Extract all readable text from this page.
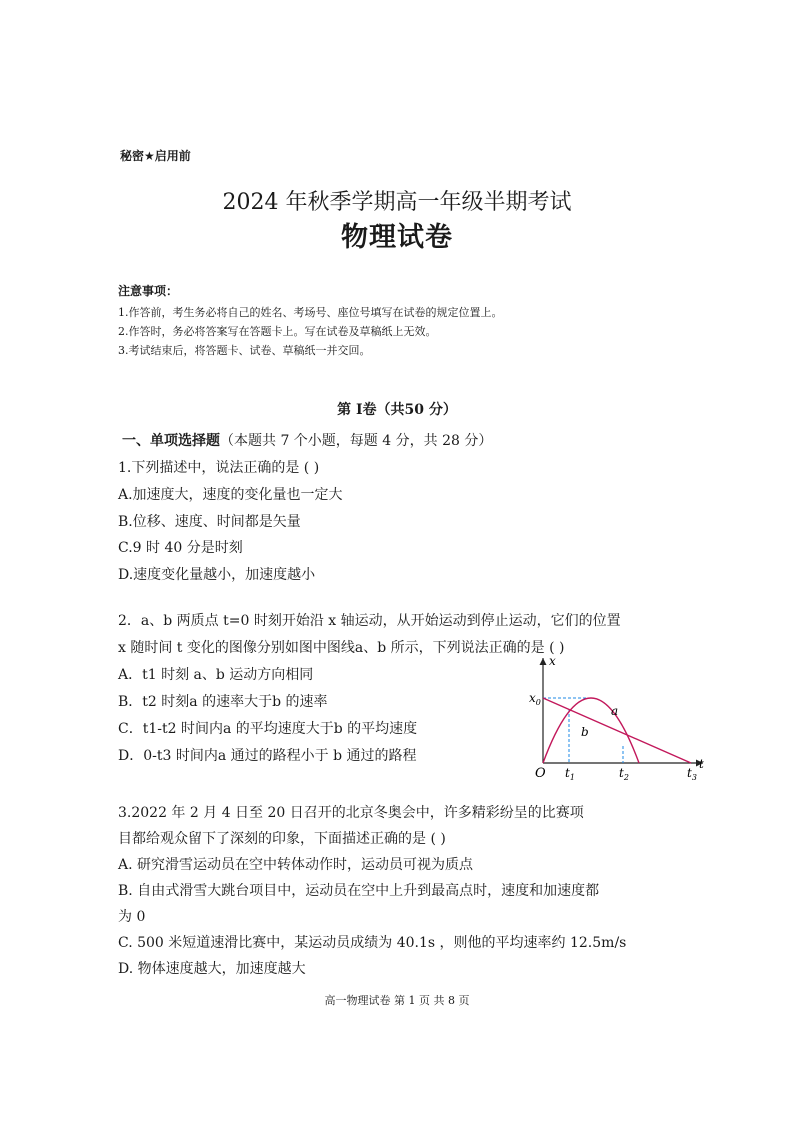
秘密★启用前
2024 年秋季学期高一年级半期考试
物理试卷
注意事项：
1.作答前，考生务必将自己的姓名、考场号、座位号填写在试卷的规定位置上。
2.作答时，务必将答案写在答题卡上。写在试卷及草稿纸上无效。
3.考试结束后，将答题卡、试卷、草稿纸一并交回。
第 Ⅰ卷（共50 分）
一、单项选择题（本题共 7 个小题，每题 4 分，共 28 分）
1.下列描述中，说法正确的是 ( )
A.加速度大，速度的变化量也一定大
B.位移、速度、时间都是矢量
C.9 时 40 分是时刻
D.速度变化量越小，加速度越小
2．a、b 两质点 t=0 时刻开始沿 x 轴运动，从开始运动到停止运动，它们的位置
x 随时间 t 变化的图像分别如图中图线a、b 所示，下列说法正确的是 ( )
A．t1 时刻 a、b 运动方向相同
B．t2 时刻a 的速率大于b 的速率
C．t1-t2 时间内a 的平均速度大于b 的平均速度
D．0-t3 时间内a 通过的路程小于 b 通过的路程
x
t
$x_0$
O
a
b
$t_1$	$t_2$	$t_3$
3.2022 年 2 月 4 日至 20 日召开的北京冬奥会中，许多精彩纷呈的比赛项
目都给观众留下了深刻的印象，下面描述正确的是 ( )
A. 研究滑雪运动员在空中转体动作时，运动员可视为质点
B. 自由式滑雪大跳台项目中，运动员在空中上升到最高点时，速度和加速度都
为 0
C. 500 米短道速滑比赛中，某运动员成绩为 40.1s ，则他的平均速率约 12.5m/s
D. 物体速度越大，加速度越大
高一物理试卷 第 1 页 共 8 页
